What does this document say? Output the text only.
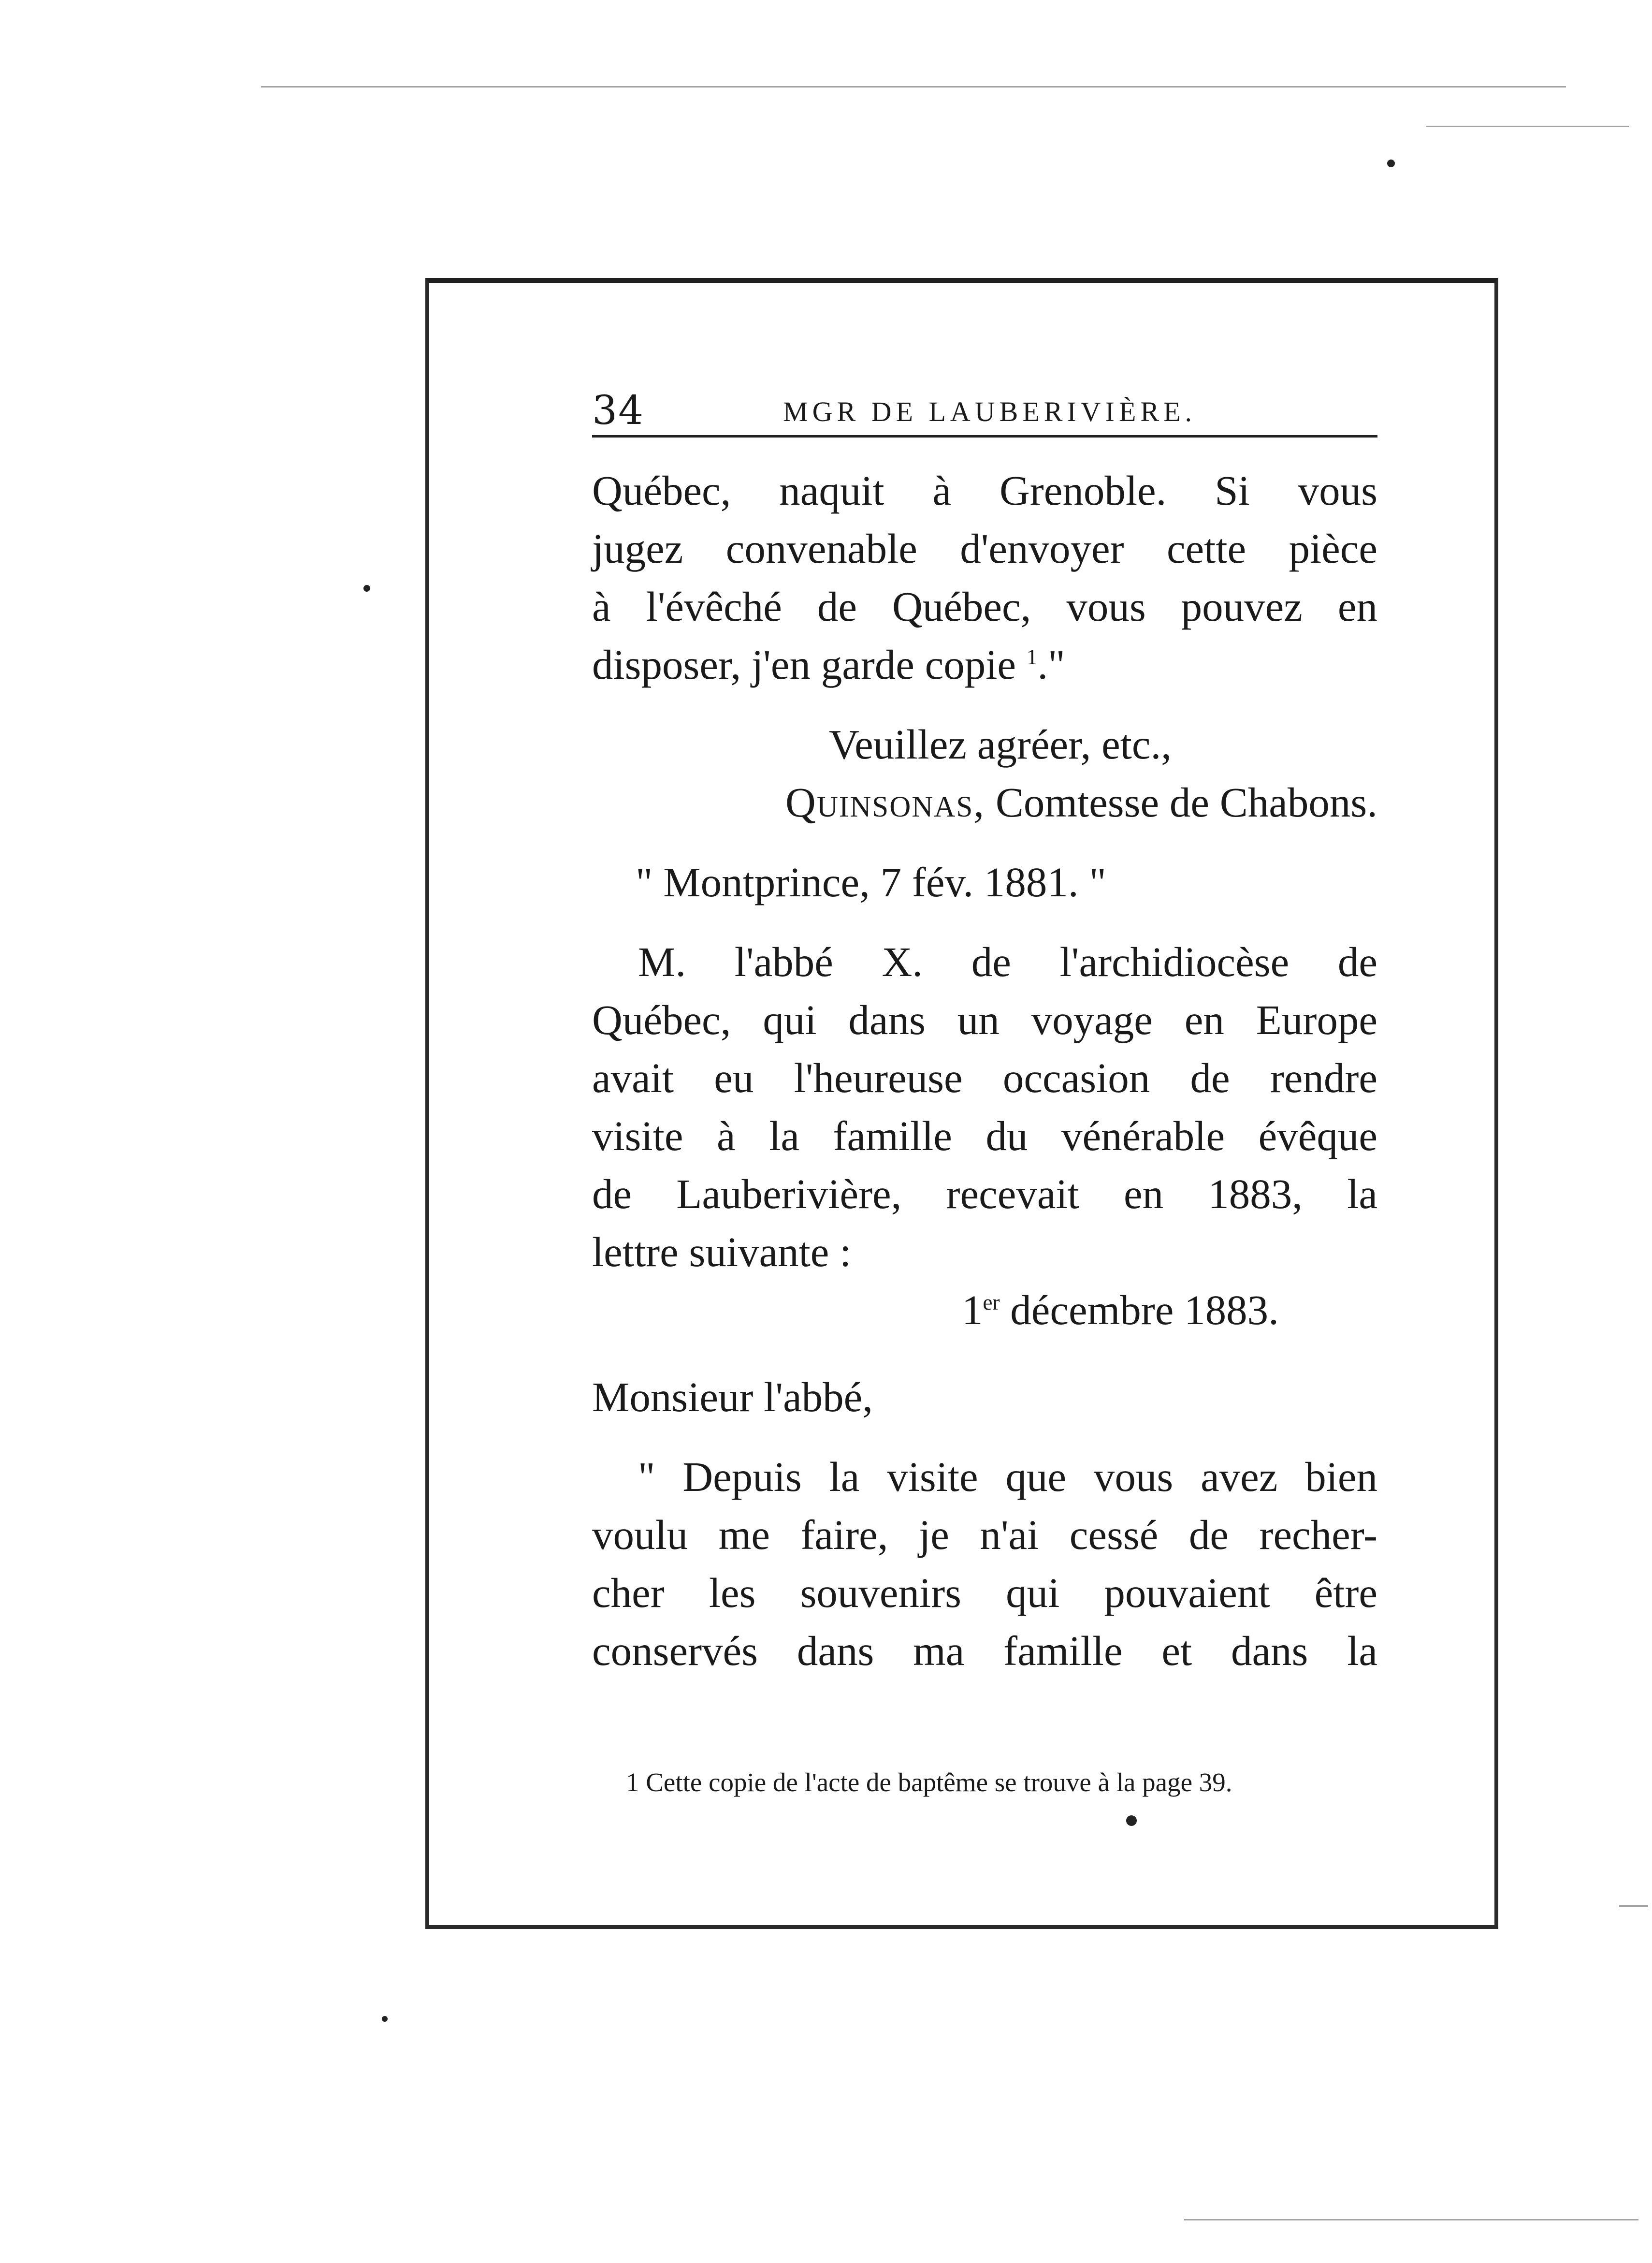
34	MGR DE LAUBERIVIÈRE.
Québec, naquit à Grenoble. Si vous
jugez convenable d'envoyer cette pièce
à l'évêché de Québec, vous pouvez en
disposer, j'en garde copie $^1$."
Veuillez agréer, etc.,
Quinsonas, Comtesse de Chabons.
" Montprince, 7 fév. 1881. "
M. l'abbé X. de l'archidiocèse de
Québec, qui dans un voyage en Europe
avait eu l'heureuse occasion de rendre
visite à la famille du vénérable évêque
de Lauberivière, recevait en 1883, la
lettre suivante :
1er décembre 1883.
Monsieur l'abbé,
" Depuis la visite que vous avez bien
voulu me faire, je n'ai cessé de recher-
cher les souvenirs qui pouvaient être
conservés dans ma famille et dans la
1 Cette copie de l'acte de baptême se trouve à la page 39.
